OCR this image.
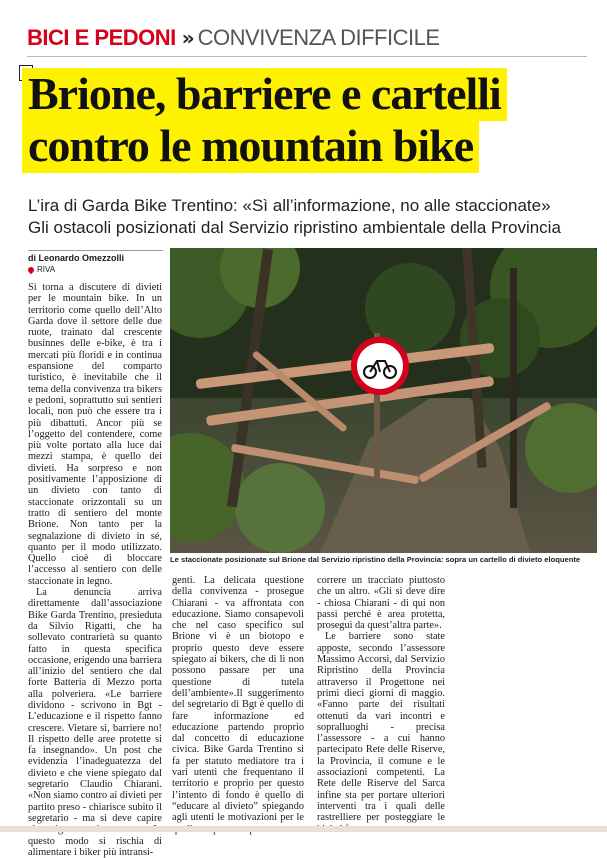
BICI E PEDONI » CONVIVENZA DIFFICILE
Brione, barriere e cartelli
contro le mountain bike
L’ira di Garda Bike Trentino: «Sì all’informazione, no alle staccionate»
Gli ostacoli posizionati dal Servizio ripristino ambientale della Provincia
di Leonardo Omezzolli
RIVA
Le staccionate posizionate sul Brione dal Servizio ripristino della Provincia: sopra un cartello di divieto eloquente

Si torna a discutere di divieti per le mountain bike. In un territorio come quello dell’Alto Garda dove il settore delle due ruote, trainato dal crescente businnes delle e-bike, è tra i mercati più floridi e in continua espansione del comparto turistico, è inevitabile che il tema della convivenza tra bikers e pedoni, soprattutto sui sentieri locali, non può che essere tra i più dibattuti. Ancor più se l’oggetto del contendere, come più volte portato alla luce dai mezzi stampa, è quello dei divieti. Ha sorpreso e non positivamente l’apposizione di un divieto con tanto di staccionate orizzontali su un tratto di sentiero del monte Brione. Non tanto per la segnalazione di divieto in sé, quanto per il modo utilizzato. Quello cioè di bloccare l’accesso al sentiero con delle staccionate in legno.

La denuncia arriva direttamente dall’associazione Bike Garda Trentino, presieduta da Silvio Rigatti, che ha sollevato contrarietà su quanto fatto in questa specifica occasione, erigendo una barriera all’inizio del sentiero che dal forte Batteria di Mezzo porta alla polveriera. «Le barriere dividono - scrivono in Bgt - L’educazione e il rispetto fanno crescere. Vietare sì, barriere no! Il rispetto delle aree protette si fa insegnando». Un post che evidenzia l’inadeguatezza del divieto e che viene spiegato dal segretario Claudio Chiarani. «Non siamo contro ai divieti per partito preso - chiarisce subito il segretario - ma si deve capire questo modo si rischia di alimentare i biker più intransi-

genti. La delicata questione della convivenza - prosegue Chiarani - va affrontata con educazione. Siamo consapevoli che nel caso specifico sul Brione vi è un biotopo e proprio questo deve essere spiegato ai bikers, che di lì non possono passare per una questione di tutela dell’ambiente».Il suggerimento del segretario di Bgt è quello di fare informazione ed educazione partendo proprio dal concetto di educazione civica. Bike Garda Trentino si fa per statuto mediatore tra i vari utenti che frequentano il territorio e proprio per questo l’intento di fondo è quello di “educare al divieto” spiegando agli utenti le motivazioni per le

correre un tracciato piuttosto che un altro. «Gli si deve dire - chiosa Chiarani - di qui non passi perché è area protetta, prosegui da quest’altra parte».

Le barriere sono state apposte, secondo l’assessore Massimo Accorsi, dal Servizio Ripristino della Provincia attraverso il Progettone nei primi dieci giorni di maggio. «Fanno parte dei risultati ottenuti da vari incontri e sopralluoghi - precisa l’assessore - a cui hanno partecipato Rete delle Riserve, la Provincia, il comune e le associazioni competenti. La Rete delle Riserve del Sarca infine sta per portare ulteriori interventi tra i quali delle rastrelliere per posteggiare le
